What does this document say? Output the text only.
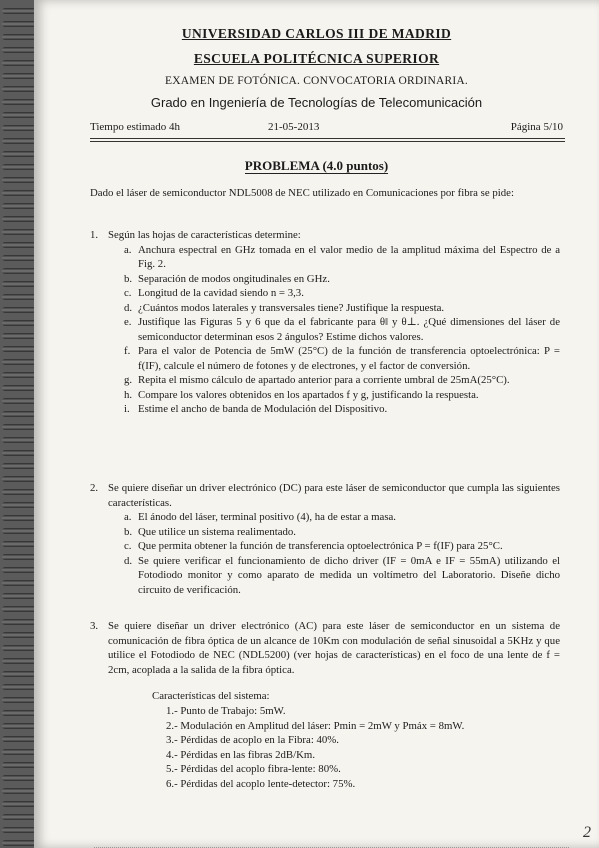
UNIVERSIDAD CARLOS III DE MADRID
ESCUELA POLITÉCNICA SUPERIOR
EXAMEN DE FOTÓNICA. CONVOCATORIA ORDINARIA.
Grado en Ingeniería de Tecnologías de Telecomunicación
Tiempo estimado 4h	21-05-2013	Página 5/10
PROBLEMA (4.0 puntos)
Dado el láser de semiconductor NDL5008 de NEC utilizado en Comunicaciones por fibra se pide:
1. Según las hojas de características determine:
a. Anchura espectral en GHz tomada en el valor medio de la amplitud máxima del Espectro de a Fig. 2.
b. Separación de modos ongitudinales en GHz.
c. Longitud de la cavidad siendo n = 3,3.
d. ¿Cuántos modos laterales y transversales tiene? Justifique la respuesta.
e. Justifique las Figuras 5 y 6 que da el fabricante para θ‖ y θ⊥. ¿Qué dimensiones del láser de semiconductor determinan esos 2 ángulos? Estime dichos valores.
f. Para el valor de Potencia de 5mW (25°C) de la función de transferencia optoelectrónica: P = f(IF), calcule el número de fotones y de electrones, y el factor de conversión.
g. Repita el mismo cálculo de apartado anterior para a corriente umbral de 25mA(25°C).
h. Compare los valores obtenidos en los apartados f y g, justificando la respuesta.
i. Estime el ancho de banda de Modulación del Dispositivo.
2. Se quiere diseñar un driver electrónico (DC) para este láser de semiconductor que cumpla las siguientes características.
a. El ánodo del láser, terminal positivo (4), ha de estar a masa.
b. Que utilice un sistema realimentado.
c. Que permita obtener la función de transferencia optoelectrónica P = f(IF) para 25°C.
d. Se quiere verificar el funcionamiento de dicho driver (IF = 0mA e IF = 55mA) utilizando el Fotodiodo monitor y como aparato de medida un voltímetro del Laboratorio. Diseñe dicho circuito de verificación.
3. Se quiere diseñar un driver electrónico (AC) para este láser de semiconductor en un sistema de comunicación de fibra óptica de un alcance de 10Km con modulación de señal sinusoidal a 5KHz y que utilice el Fotodiodo de NEC (NDL5200) (ver hojas de características) en el foco de una lente de f = 2cm, acoplada a la salida de la fibra óptica.
Características del sistema:
1.- Punto de Trabajo: 5mW.
2.- Modulación en Amplitud del láser: Pmin = 2mW y Pmáx = 8mW.
3.- Pérdidas de acoplo en la Fibra: 40%.
4.- Pérdidas en las fibras 2dB/Km.
5.- Pérdidas del acoplo fibra-lente: 80%.
6.- Pérdidas del acoplo lente-detector: 75%.
2
